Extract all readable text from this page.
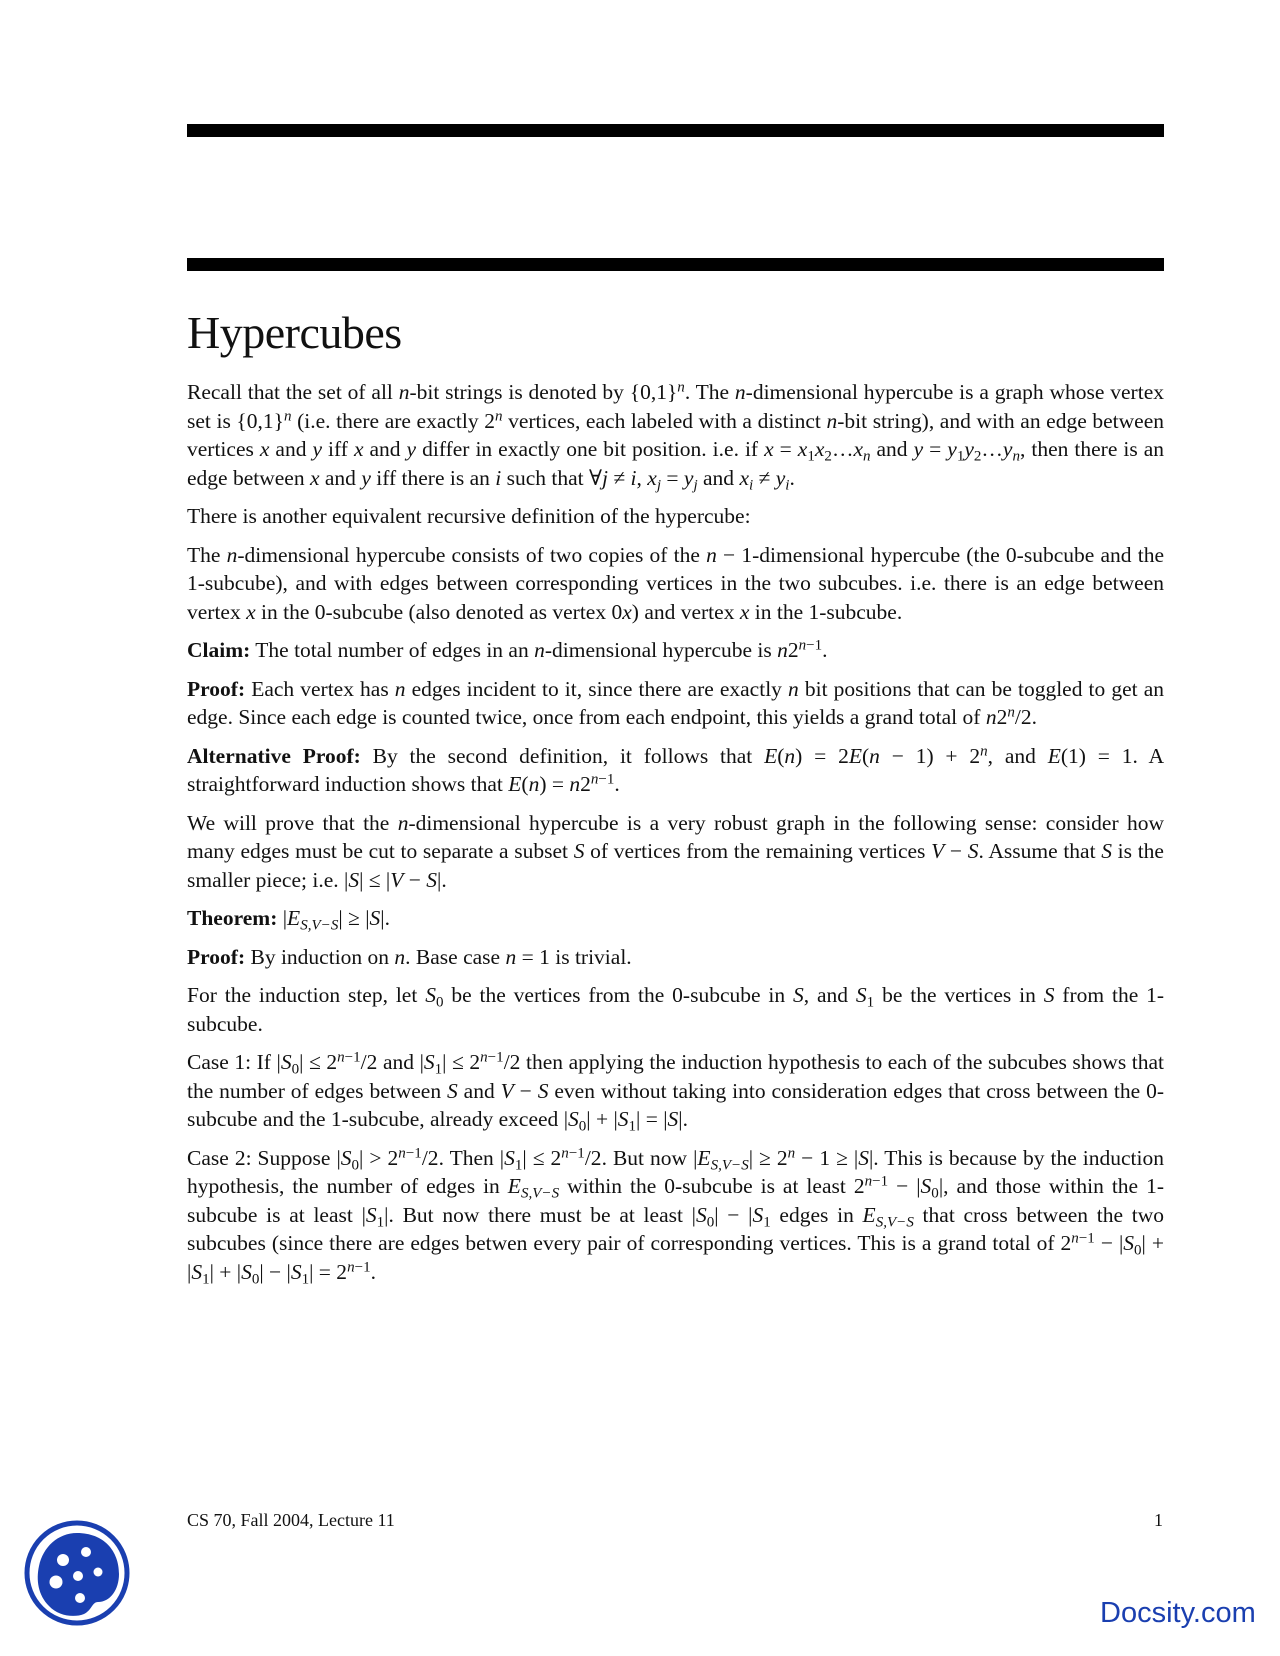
Hypercubes

Recall that the set of all n-bit strings is denoted by $\{0,1\}^n$. The n-dimensional hypercube is a graph whose vertex set is $\{0,1\}^n$ (i.e. there are exactly 2$^n$ vertices, each labeled with a distinct n-bit string), and with an edge between vertices x and y iff x and y differ in exactly one bit position. i.e. if $x = x_1x_2\dots x_n$ and $y = y_1y_2\dots y_n$, then there is an edge between x and y iff there is an i such that ∀j ≠ i, $x_j = y_j$ and $x_i \ne y_i$.

There is another equivalent recursive definition of the hypercube:

The n-dimensional hypercube consists of two copies of the n − 1-dimensional hypercube (the 0-subcube and the 1-subcube), and with edges between corresponding vertices in the two subcubes. i.e. there is an edge between vertex x in the 0-subcube (also denoted as vertex 0x) and vertex x in the 1-subcube.

Claim: The total number of edges in an n-dimensional hypercube is $n2^{n-1}$.

Proof: Each vertex has n edges incident to it, since there are exactly n bit positions that can be toggled to get an edge. Since each edge is counted twice, once from each endpoint, this yields a grand total of n2$^n$/2.

Alternative Proof: By the second definition, it follows that $E(n) = 2E(n - 1) + 2^n$, and E(1) = 1. A straightforward induction shows that $E(n) = n2^{n-1}$.

We will prove that the n-dimensional hypercube is a very robust graph in the following sense: consider how many edges must be cut to separate a subset S of vertices from the remaining vertices V − S. Assume that S is the smaller piece; i.e. |S| ≤ |V − S|.

Theorem: $|E_{S,V-S}| \ge |S|$.

Proof: By induction on n. Base case n = 1 is trivial.

For the induction step, let $S_0$ be the vertices from the 0-subcube in S, and $S_1$ be the vertices in S from the 1-subcube.

Case 1: If $|S_0| \le 2^{n-1}/2$ and $|S_1| \le 2^{n-1}/2$ then applying the induction hypothesis to each of the subcubes shows that the number of edges between S and V − S even without taking into consideration edges that cross between the 0-subcube and the 1-subcube, already exceed $|S_0| + |S_1| = |S|$.

Case 2: Suppose $|S_0| > 2^{n-1}/2$. Then $|S_1| \le 2^{n-1}/2$. But now $|E_{S,V-S}| \ge 2^n - 1 \ge |S|$. This is because by the induction hypothesis, the number of edges in $E_{S,V-S}$ within the 0-subcube is at least $2^{n-1} - |S_0|$, and those within the 1-subcube is at least $|S_1|$. But now there must be at least $|S_0| - |S_1$ edges in $E_{S,V-S}$ that cross between the two subcubes (since there are edges betwen every pair of corresponding vertices. This is a grand total of $2^{n-1} - |S_0| + |S_1| + |S_0| - |S_1| = 2^{n-1}$.

CS 70, Fall 2004, Lecture 11	1
Docsity.com
